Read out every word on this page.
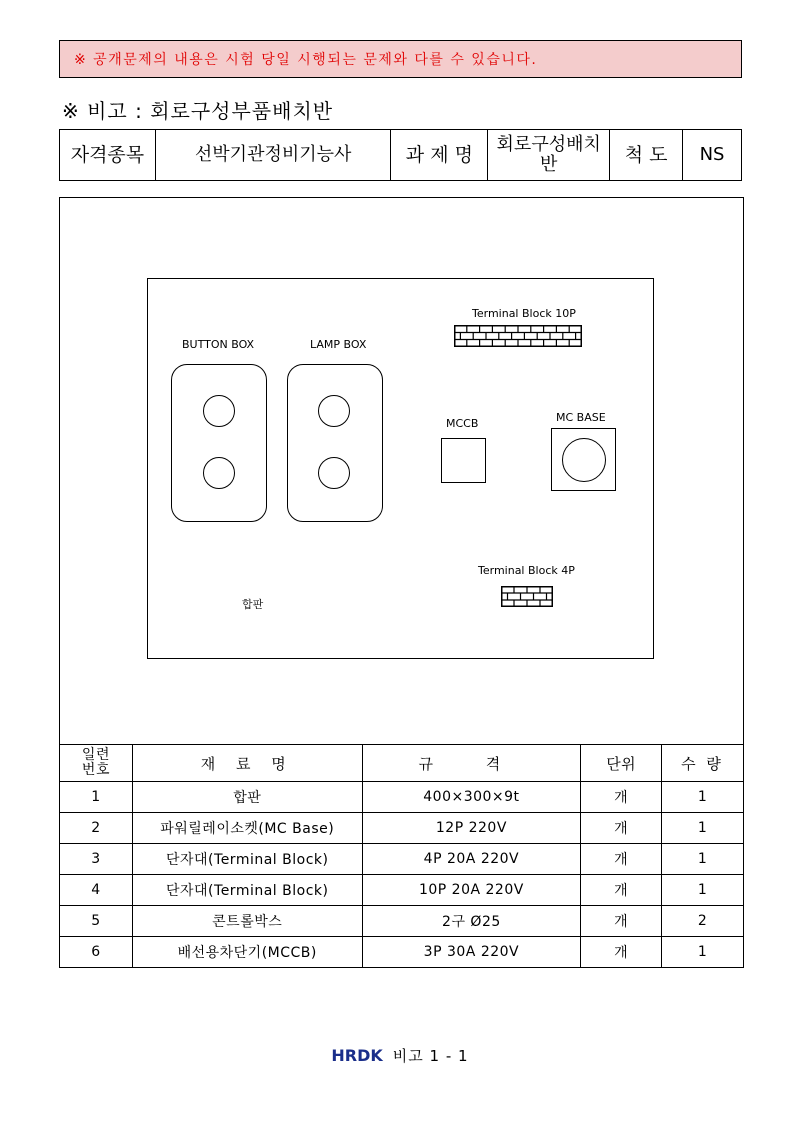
※ 공개문제의 내용은 시험 당일 시행되는 문제와 다를 수 있습니다.
※ 비고 : 회로구성부품배치반
자격종목	선박기관정비기능사	과 제 명	회로구성배치반	척 도	NS
BUTTON BOX	LAMP BOX
Terminal Block 10P
MCCB	MC BASE
Terminal Block 4P
합판
일련번호	재 료 명	규 격	단위	수 량
1	합판	400×300×9t	개	1
2	파워릴레이소켓(MC Base)	12P 220V	개	1
3	단자대(Terminal Block)	4P 20A 220V	개	1
4	단자대(Terminal Block)	10P 20A 220V	개	1
5	콘트롤박스	2구 Ø25	개	2
6	배선용차단기(MCCB)	3P 30A 220V	개	1
HRDK 비고 1 - 1
